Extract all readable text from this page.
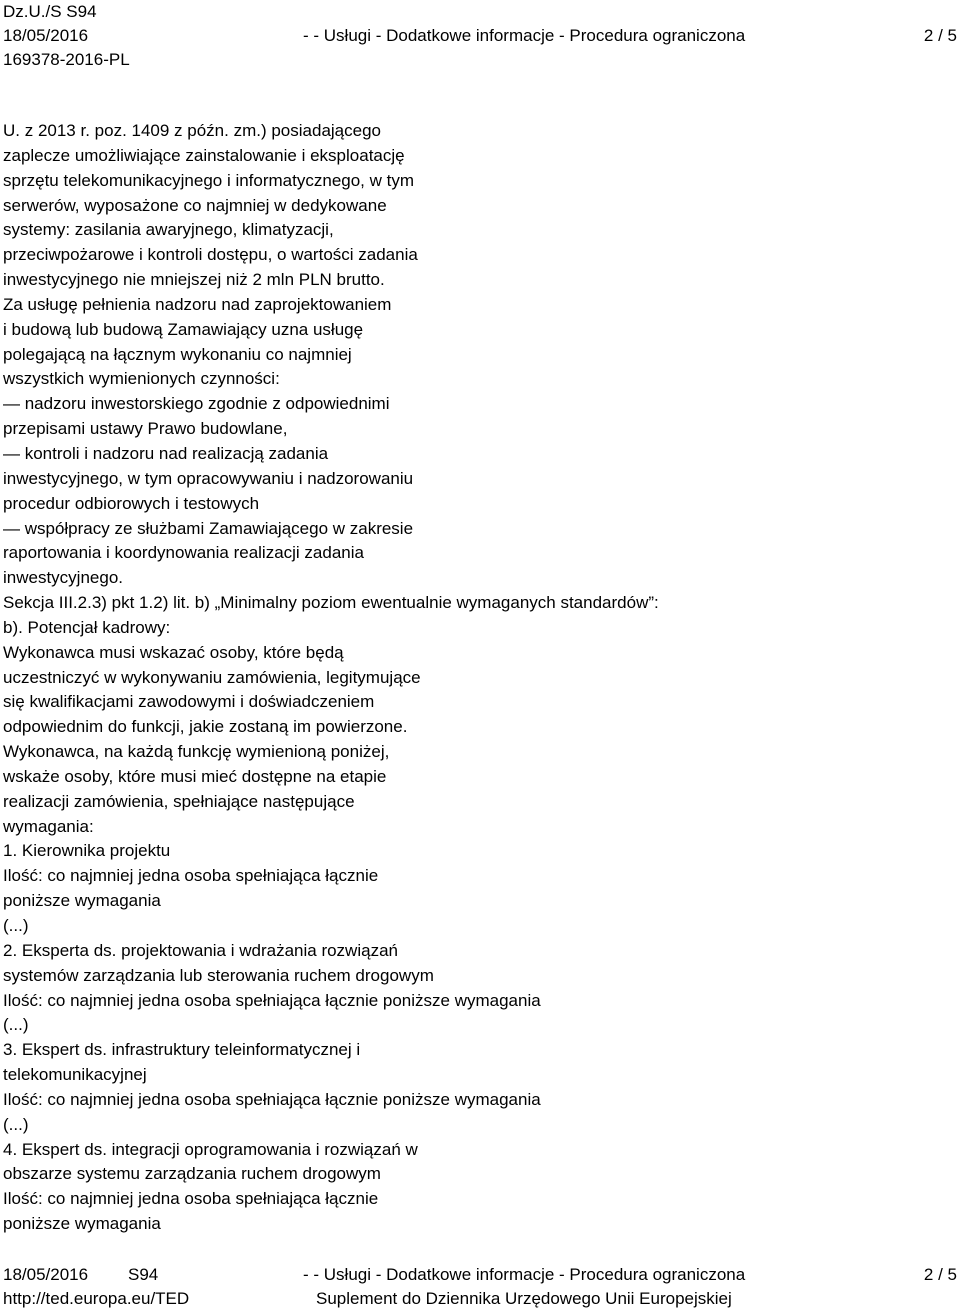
Dz.U./S S94
18/05/2016	- - Usługi - Dodatkowe informacje - Procedura ograniczona	2 / 5
169378-2016-PL
U. z 2013 r. poz. 1409 z późn. zm.) posiadającego
zaplecze umożliwiające zainstalowanie i eksploatację
sprzętu telekomunikacyjnego i informatycznego, w tym
serwerów, wyposażone co najmniej w dedykowane
systemy: zasilania awaryjnego, klimatyzacji,
przeciwpożarowe i kontroli dostępu, o wartości zadania
inwestycyjnego nie mniejszej niż 2 mln PLN brutto.
Za usługę pełnienia nadzoru nad zaprojektowaniem
i budową lub budową Zamawiający uzna usługę
polegającą na łącznym wykonaniu co najmniej
wszystkich wymienionych czynności:
— nadzoru inwestorskiego zgodnie z odpowiednimi
przepisami ustawy Prawo budowlane,
— kontroli i nadzoru nad realizacją zadania
inwestycyjnego, w tym opracowywaniu i nadzorowaniu
procedur odbiorowych i testowych
— współpracy ze służbami Zamawiającego w zakresie
raportowania i koordynowania realizacji zadania
inwestycyjnego.
Sekcja III.2.3) pkt 1.2) lit. b) „Minimalny poziom ewentualnie wymaganych standardów”:
b). Potencjał kadrowy:
Wykonawca musi wskazać osoby, które będą
uczestniczyć w wykonywaniu zamówienia, legitymujące
się kwalifikacjami zawodowymi i doświadczeniem
odpowiednim do funkcji, jakie zostaną im powierzone.
Wykonawca, na każdą funkcję wymienioną poniżej,
wskaże osoby, które musi mieć dostępne na etapie
realizacji zamówienia, spełniające następujące
wymagania:
1. Kierownika projektu
Ilość: co najmniej jedna osoba spełniająca łącznie
poniższe wymagania
(...)
2. Eksperta ds. projektowania i wdrażania rozwiązań
systemów zarządzania lub sterowania ruchem drogowym
Ilość: co najmniej jedna osoba spełniająca łącznie poniższe wymagania
(...)
3. Ekspert ds. infrastruktury teleinformatycznej i
telekomunikacyjnej
Ilość: co najmniej jedna osoba spełniająca łącznie poniższe wymagania
(...)
4. Ekspert ds. integracji oprogramowania i rozwiązań w
obszarze systemu zarządzania ruchem drogowym
Ilość: co najmniej jedna osoba spełniająca łącznie
poniższe wymagania
18/05/2016 S94	- - Usługi - Dodatkowe informacje - Procedura ograniczona	2 / 5
http://ted.europa.eu/TED	Suplement do Dziennika Urzędowego Unii Europejskiej
